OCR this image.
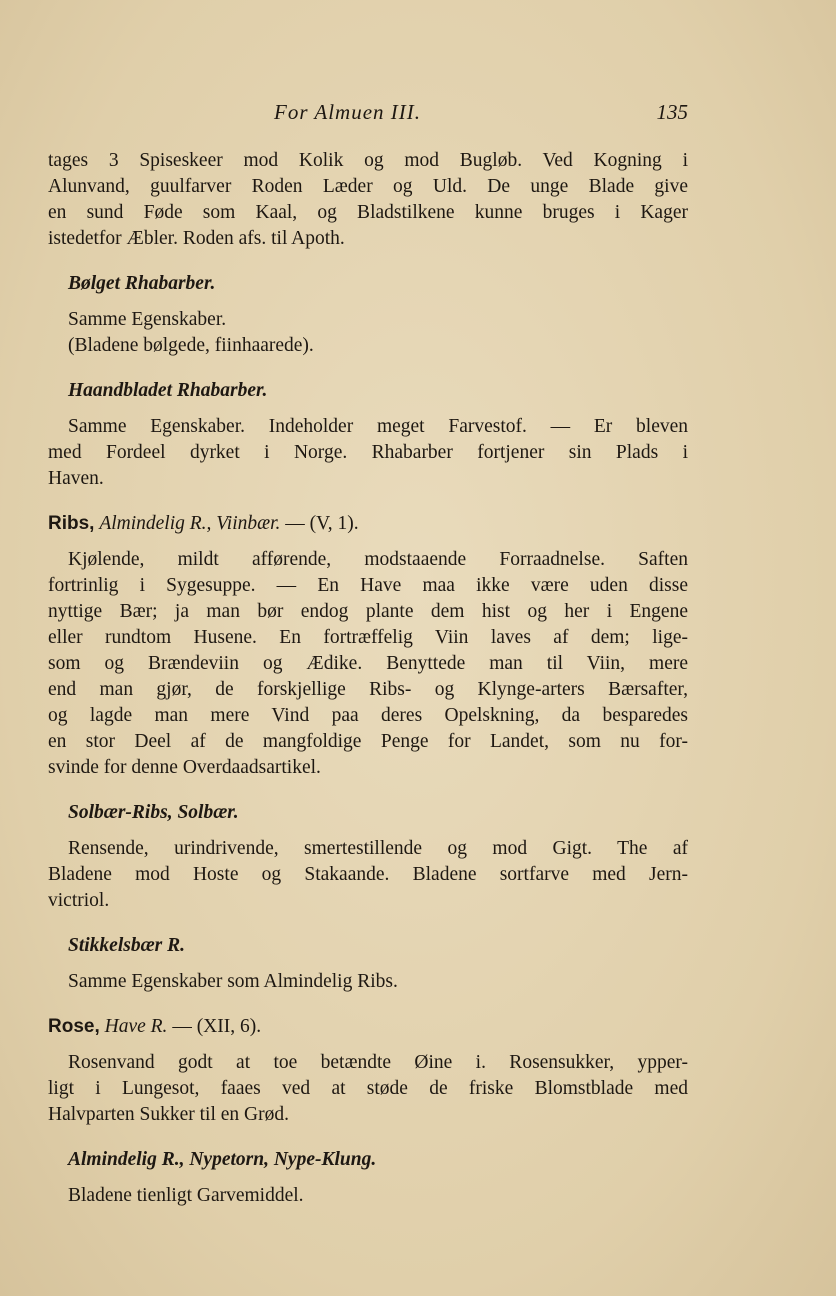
For Almuen III.	135
tages 3 Spiseskeer mod Kolik og mod Bugløb. Ved Kogning i
Alunvand, guulfarver Roden Læder og Uld. De unge Blade give
en sund Føde som Kaal, og Bladstilkene kunne bruges i Kager
istedetfor Æbler. Roden afs. til Apoth.
Bølget Rhabarber.
Samme Egenskaber.
(Bladene bølgede, fiinhaarede).
Haandbladet Rhabarber.
Samme Egenskaber. Indeholder meget Farvestof. — Er bleven
med Fordeel dyrket i Norge. Rhabarber fortjener sin Plads i
Haven.
Ribs, Almindelig R., Viinbær. — (V, 1).
Kjølende, mildt afførende, modstaaende Forraadnelse. Saften
fortrinlig i Sygesuppe. — En Have maa ikke være uden disse
nyttige Bær; ja man bør endog plante dem hist og her i Engene
eller rundtom Husene. En fortræffelig Viin laves af dem; lige-
som og Brændeviin og Ædike. Benyttede man til Viin, mere
end man gjør, de forskjellige Ribs- og Klynge-arters Bærsafter,
og lagde man mere Vind paa deres Opelskning, da besparedes
en stor Deel af de mangfoldige Penge for Landet, som nu for-
svinde for denne Overdaadsartikel.
Solbær-Ribs, Solbær.
Rensende, urindrivende, smertestillende og mod Gigt. The af
Bladene mod Hoste og Stakaande. Bladene sortfarve med Jern-
victriol.
Stikkelsbær R.
Samme Egenskaber som Almindelig Ribs.
Rose, Have R. — (XII, 6).
Rosenvand godt at toe betændte Øine i. Rosensukker, ypper-
ligt i Lungesot, faaes ved at støde de friske Blomstblade med
Halvparten Sukker til en Grød.
Almindelig R., Nypetorn, Nype-Klung.
Bladene tienligt Garvemiddel.
